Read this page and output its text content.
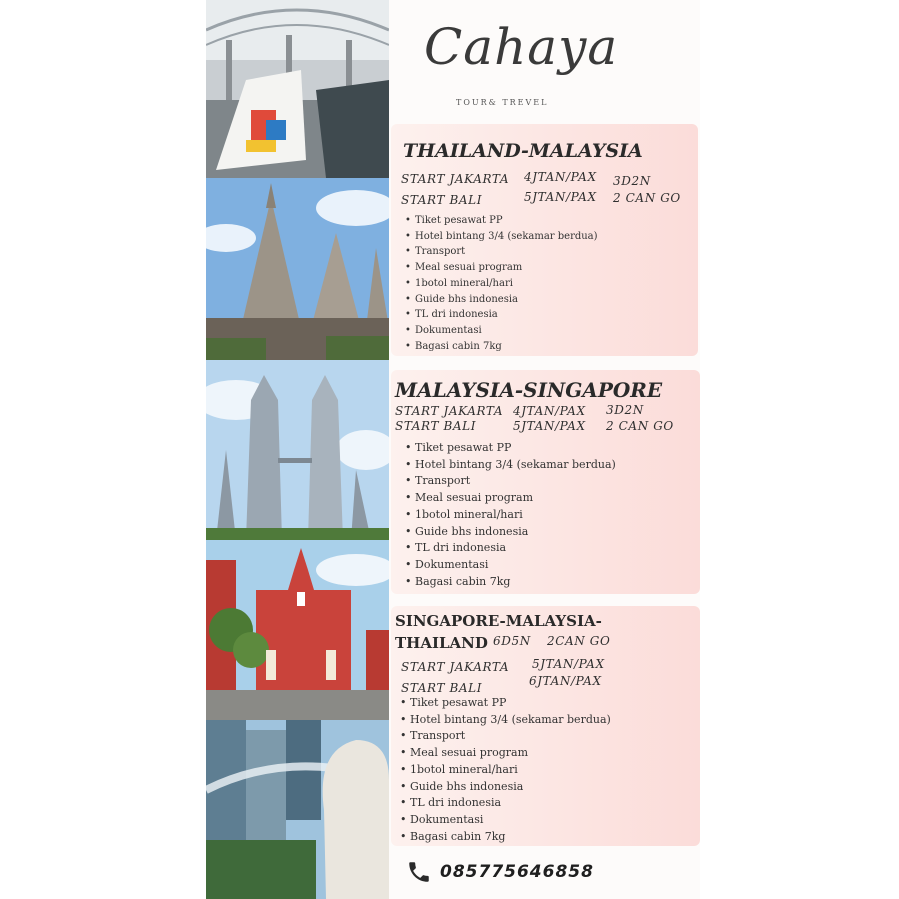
Cahaya
TOUR& TREVEL
THAILAND-MALAYSIA
START JAKARTA 4JTAN/PAX 3D2N
START BALI	5JTAN/PAX 2 CAN GO
• Tiket pesawat PP
• Hotel bintang 3/4 (sekamar berdua)
• Transport
• Meal sesuai program
• 1botol mineral/hari
• Guide bhs indonesia
• TL dri indonesia
• Dokumentasi
• Bagasi cabin 7kg
MALAYSIA-SINGAPORE
START JAKARTA 4JTAN/PAX 3D2N
START BALI	5JTAN/PAX 2 CAN GO
• Tiket pesawat PP
• Hotel bintang 3/4 (sekamar berdua)
• Transport
• Meal sesuai program
• 1botol mineral/hari
• Guide bhs indonesia
• TL dri indonesia
• Dokumentasi
• Bagasi cabin 7kg
SINGAPORE-MALAYSIA-
THAILAND 6D5N 2CAN GO
START JAKARTA 5JTAN/PAX
START BALI	6JTAN/PAX
• Tiket pesawat PP
• Hotel bintang 3/4 (sekamar berdua)
• Transport
• Meal sesuai program
• 1botol mineral/hari
• Guide bhs indonesia
• TL dri indonesia
• Dokumentasi
• Bagasi cabin 7kg
085775646858
